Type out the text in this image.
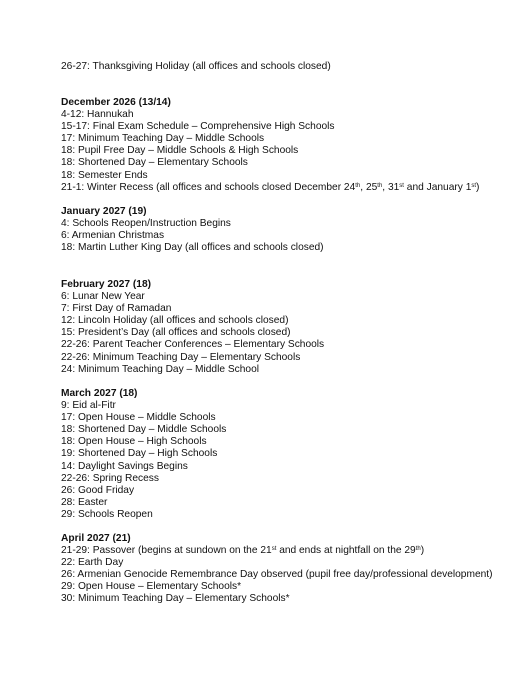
26-27: Thanksgiving Holiday (all offices and schools closed)
December 2026 (13/14)
4-12: Hannukah
15-17: Final Exam Schedule – Comprehensive High Schools
17: Minimum Teaching Day – Middle Schools
18: Pupil Free Day – Middle Schools & High Schools
18: Shortened Day – Elementary Schools
18: Semester Ends
21-1: Winter Recess (all offices and schools closed December 24th, 25th, 31st and January 1st)
January 2027 (19)
4: Schools Reopen/Instruction Begins
6: Armenian Christmas
18: Martin Luther King Day (all offices and schools closed)
February 2027 (18)
6: Lunar New Year
7: First Day of Ramadan
12: Lincoln Holiday (all offices and schools closed)
15: President’s Day (all offices and schools closed)
22-26: Parent Teacher Conferences – Elementary Schools
22-26: Minimum Teaching Day – Elementary Schools
24: Minimum Teaching Day – Middle School
March 2027 (18)
9: Eid al-Fitr
17: Open House – Middle Schools
18: Shortened Day – Middle Schools
18: Open House – High Schools
19: Shortened Day – High Schools
14: Daylight Savings Begins
22-26: Spring Recess
26: Good Friday
28: Easter
29: Schools Reopen
April 2027 (21)
21-29: Passover (begins at sundown on the 21st and ends at nightfall on the 29th)
22: Earth Day
26: Armenian Genocide Remembrance Day observed (pupil free day/professional development)
29: Open House – Elementary Schools*
30: Minimum Teaching Day – Elementary Schools*
